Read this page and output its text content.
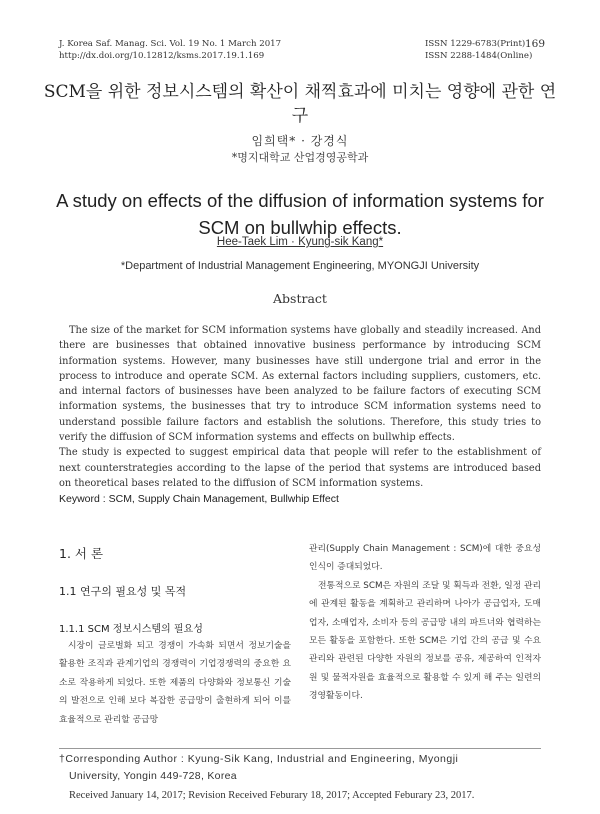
J. Korea Saf. Manag. Sci. Vol. 19 No. 1 March 2017
http://dx.doi.org/10.12812/ksms.2017.19.1.169
ISSN 1229-6783(Print)
ISSN 2288-1484(Online)
169
SCM을 위한 정보시스템의 확산이 채찍효과에 미치는 영향에 관한 연구
임희택* · 강경식
*명지대학교 산업경영공학과
A study on effects of the diffusion of information systems for SCM on bullwhip effects.
Hee-Taek Lim · Kyung-sik Kang*
*Department of Industrial Management Engineering, MYONGJI University
Abstract

The size of the market for SCM information systems have globally and steadily increased. And there are businesses that obtained innovative business performance by introducing SCM information systems. However, many businesses have still undergone trial and error in the process to introduce and operate SCM. As external factors including suppliers, customers, etc. and internal factors of businesses have been analyzed to be failure factors of executing SCM information systems, the businesses that try to introduce SCM information systems need to understand possible failure factors and establish the solutions. Therefore, this study tries to verify the diffusion of SCM information systems and effects on bullwhip effects.

The study is expected to suggest empirical data that people will refer to the establishment of next counterstrategies according to the lapse of the period that systems are introduced based on theoretical bases related to the diffusion of SCM information systems.

Keyword : SCM, Supply Chain Management, Bullwhip Effect
1. 서 론
1.1 연구의 필요성 및 목적
1.1.1 SCM 정보시스템의 필요성
시장이 글로벌화 되고 경쟁이 가속화 되면서 정보기술을 활용한 조직과 관계기업의 경쟁력이 기업경쟁력의 중요한 요소로 작용하게 되었다. 또한 제품의 다양화와 정보통신 기술의 발전으로 인해 보다 복잡한 공급망이 출현하게 되어 이를 효율적으로 관리할 공급망
관리(Supply Chain Management : SCM)에 대한 중요성 인식이 증대되었다.
전통적으로 SCM은 자원의 조달 및 획득과 전환, 일정 관리에 관계된 활동을 계획하고 관리하며 나아가 공급업자, 도매업자, 소매업자, 소비자 등의 공급망 내의 파트너와 협력하는 모든 활동을 포함한다. 또한 SCM은 기업 간의 공급 및 수요관리와 관련된 다양한 자원의 정보를 공유, 제공하여 인적자원 및 물적자원을 효율적으로 활용할 수 있게 해 주는 일련의 경영활동이다.
†Corresponding Author : Kyung-Sik Kang, Industrial and Engineering, Myongji
University, Yongin 449-728, Korea
Received January 14, 2017; Revision Received Feburary 18, 2017; Accepted Feburary 23, 2017.
